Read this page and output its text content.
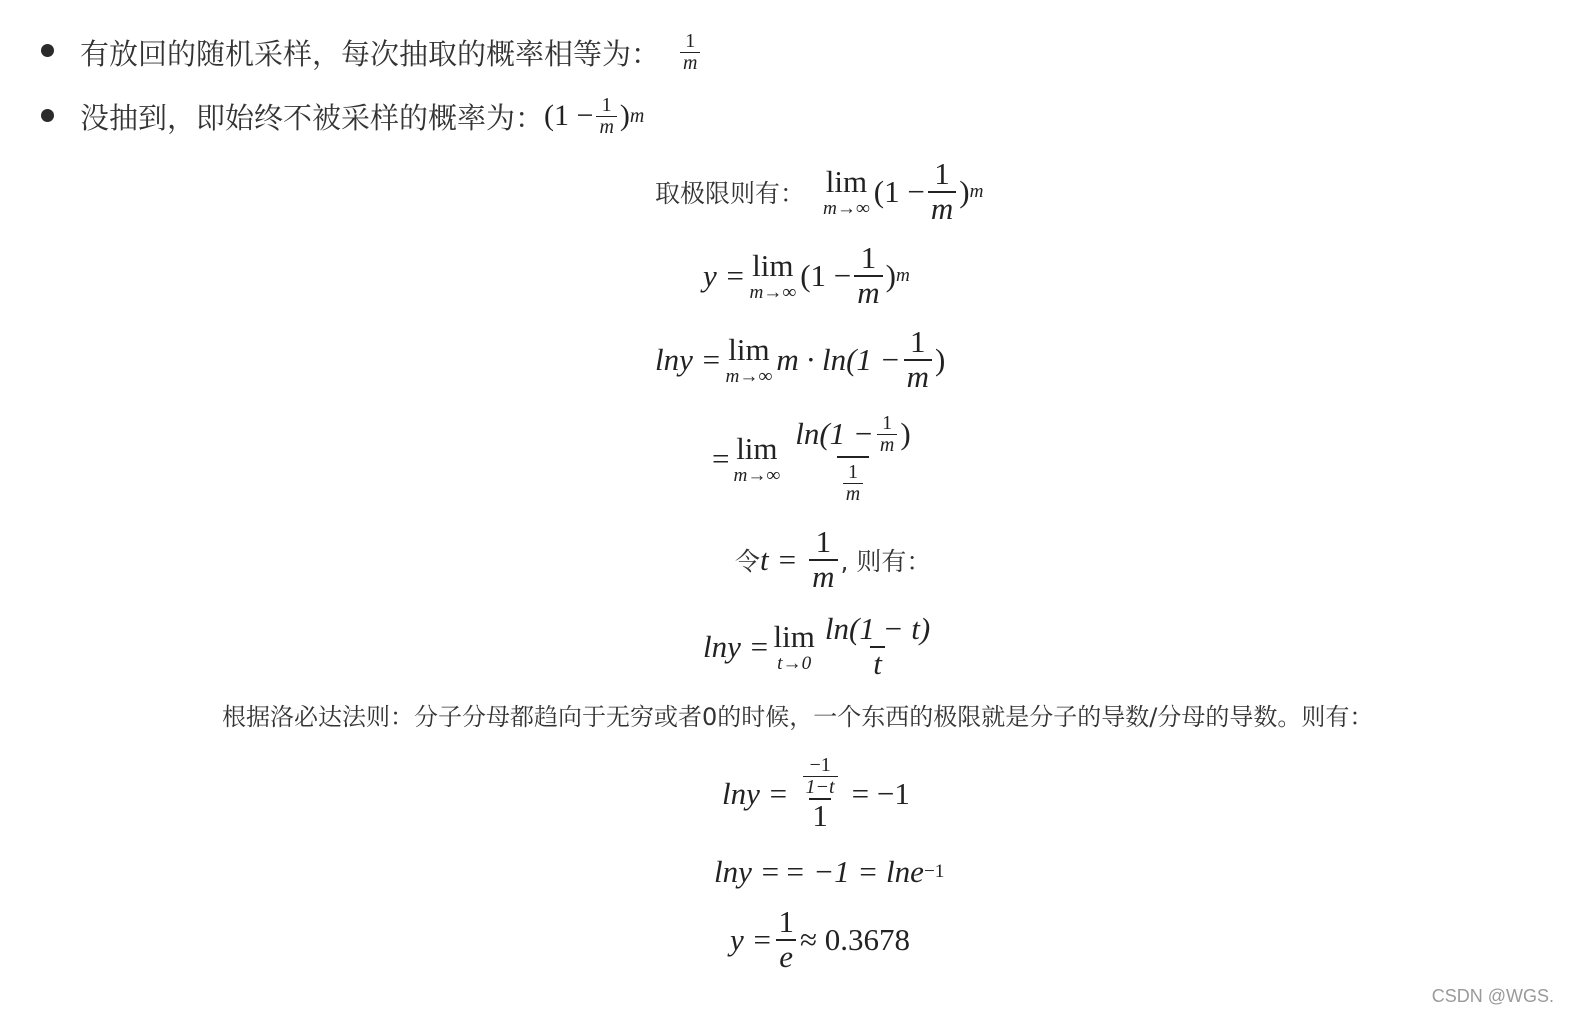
有放回的随机采样，每次抽取的概率相等为： $\frac{1}{m}$
没抽到，即始终不被采样的概率为： ($1 - \frac{1}{m}$ ) m
取极限则有： lim
m→∞ ($1 - \frac{1}{m}$ ) m
y = lim
m→∞ ($1 - \frac{1}{m}$ ) m
lny = lim
m→∞ $m \cdot \ln(1 - \frac{1}{m}$ )
= lim
$m\to\infty \frac{\ln(1 - \frac{1}{m} )}{\frac{1}{m}}$
令 $t = \frac{1}{m}$ , 则有：
lny = lim
$t\to 0 \frac{\ln(1 - t)}{t}$
根据洛必达法则：分子分母都趋向于无穷或者0的时候，一个东西的极限就是分子的导数/分母的导数。则有：
$\ln y = \frac{\frac{-1}{1-t}}{1} = -1$
lny = = −1 = lne −1
$y = \frac{1}{e} \approx 0.3678$
CSDN @WGS.
